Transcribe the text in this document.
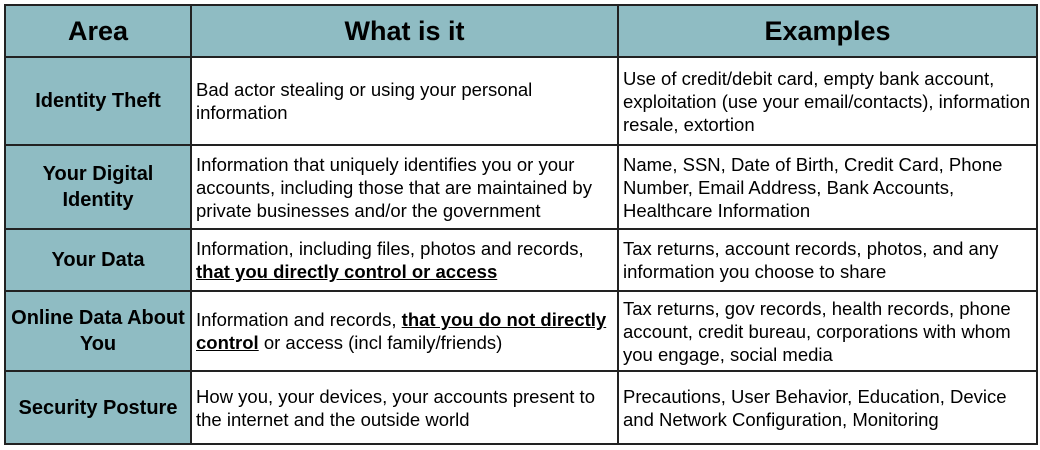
Area	What is it	Examples
Identity Theft	Bad actor stealing or using your personal information	Use of credit/debit card, empty bank account, exploitation (use your email/contacts), information resale, extortion
Your Digital Identity	Information that uniquely identifies you or your accounts, including those that are maintained by private businesses and/or the government	Name, SSN, Date of Birth, Credit Card, Phone Number, Email Address, Bank Accounts, Healthcare Information
Your Data	Information, including files, photos and records, that you directly control or access	Tax returns, account records, photos, and any information you choose to share
Online Data About You	Information and records, that you do not directly control or access (incl family/friends)	Tax returns, gov records, health records, phone account, credit bureau, corporations with whom you engage, social media
Security Posture	How you, your devices, your accounts present to the internet and the outside world	Precautions, User Behavior, Education, Device and Network Configuration, Monitoring
